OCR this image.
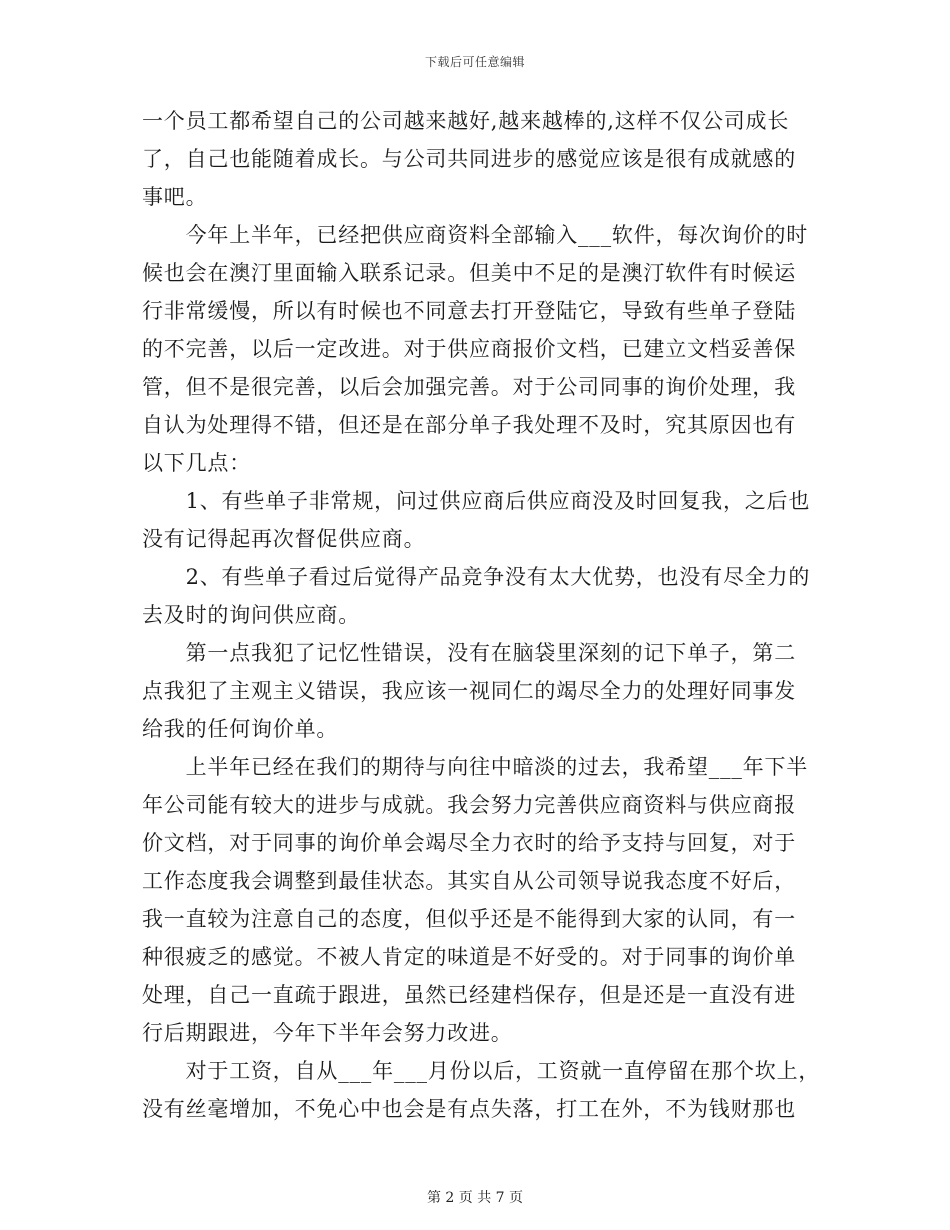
下载后可任意编辑
一个员工都希望自己的公司越来越好,越来越棒的,这样不仅公司成长
了，自己也能随着成长。与公司共同进步的感觉应该是很有成就感的
事吧。
　　今年上半年，已经把供应商资料全部输入___软件，每次询价的时
候也会在澳汀里面输入联系记录。但美中不足的是澳汀软件有时候运
行非常缓慢，所以有时候也不同意去打开登陆它，导致有些单子登陆
的不完善，以后一定改进。对于供应商报价文档，已建立文档妥善保
管，但不是很完善，以后会加强完善。对于公司同事的询价处理，我
自认为处理得不错，但还是在部分单子我处理不及时，究其原因也有
以下几点：
　　1、有些单子非常规，问过供应商后供应商没及时回复我，之后也
没有记得起再次督促供应商。
　　2、有些单子看过后觉得产品竞争没有太大优势，也没有尽全力的
去及时的询问供应商。
　　第一点我犯了记忆性错误，没有在脑袋里深刻的记下单子，第二
点我犯了主观主义错误，我应该一视同仁的竭尽全力的处理好同事发
给我的任何询价单。
　　上半年已经在我们的期待与向往中暗淡的过去，我希望___年下半
年公司能有较大的进步与成就。我会努力完善供应商资料与供应商报
价文档，对于同事的询价单会竭尽全力衣时的给予支持与回复，对于
工作态度我会调整到最佳状态。其实自从公司领导说我态度不好后，
我一直较为注意自己的态度，但似乎还是不能得到大家的认同，有一
种很疲乏的感觉。不被人肯定的味道是不好受的。对于同事的询价单
处理，自己一直疏于跟进，虽然已经建档保存，但是还是一直没有进
行后期跟进，今年下半年会努力改进。
　　对于工资，自从___年___月份以后，工资就一直停留在那个坎上，
没有丝毫增加，不免心中也会是有点失落，打工在外，不为钱财那也
第 2 页 共 7 页
